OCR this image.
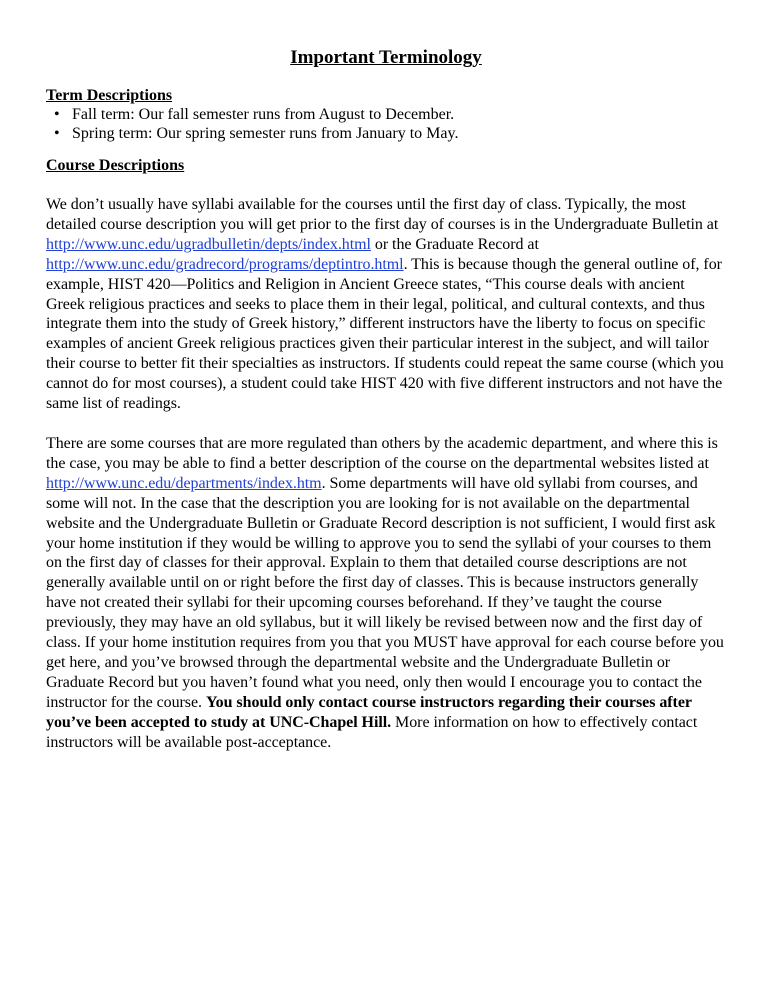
Important Terminology
Term Descriptions
• Fall term: Our fall semester runs from August to December.
• Spring term: Our spring semester runs from January to May.
Course Descriptions

We don’t usually have syllabi available for the courses until the first day of class. Typically, the most detailed course description you will get prior to the first day of courses is in the Undergraduate Bulletin at http://www.unc.edu/ugradbulletin/depts/index.html or the Graduate Record at http://www.unc.edu/gradrecord/programs/deptintro.html. This is because though the general outline of, for example, HIST 420—Politics and Religion in Ancient Greece states, “This course deals with ancient Greek religious practices and seeks to place them in their legal, political, and cultural contexts, and thus integrate them into the study of Greek history,” different instructors have the liberty to focus on specific examples of ancient Greek religious practices given their particular interest in the subject, and will tailor their course to better fit their specialties as instructors. If students could repeat the same course (which you cannot do for most courses), a student could take HIST 420 with five different instructors and not have the same list of readings.

There are some courses that are more regulated than others by the academic department, and where this is the case, you may be able to find a better description of the course on the departmental websites listed at http://www.unc.edu/departments/index.htm. Some departments will have old syllabi from courses, and some will not. In the case that the description you are looking for is not available on the departmental website and the Undergraduate Bulletin or Graduate Record description is not sufficient, I would first ask your home institution if they would be willing to approve you to send the syllabi of your courses to them on the first day of classes for their approval. Explain to them that detailed course descriptions are not generally available until on or right before the first day of classes. This is because instructors generally have not created their syllabi for their upcoming courses beforehand. If they’ve taught the course previously, they may have an old syllabus, but it will likely be revised between now and the first day of class. If your home institution requires from you that you MUST have approval for each course before you get here, and you’ve browsed through the departmental website and the Undergraduate Bulletin or Graduate Record but you haven’t found what you need, only then would I encourage you to contact the instructor for the course. You should only contact course instructors regarding their courses after you’ve been accepted to study at UNC-Chapel Hill. More information on how to effectively contact instructors will be available post-acceptance.
